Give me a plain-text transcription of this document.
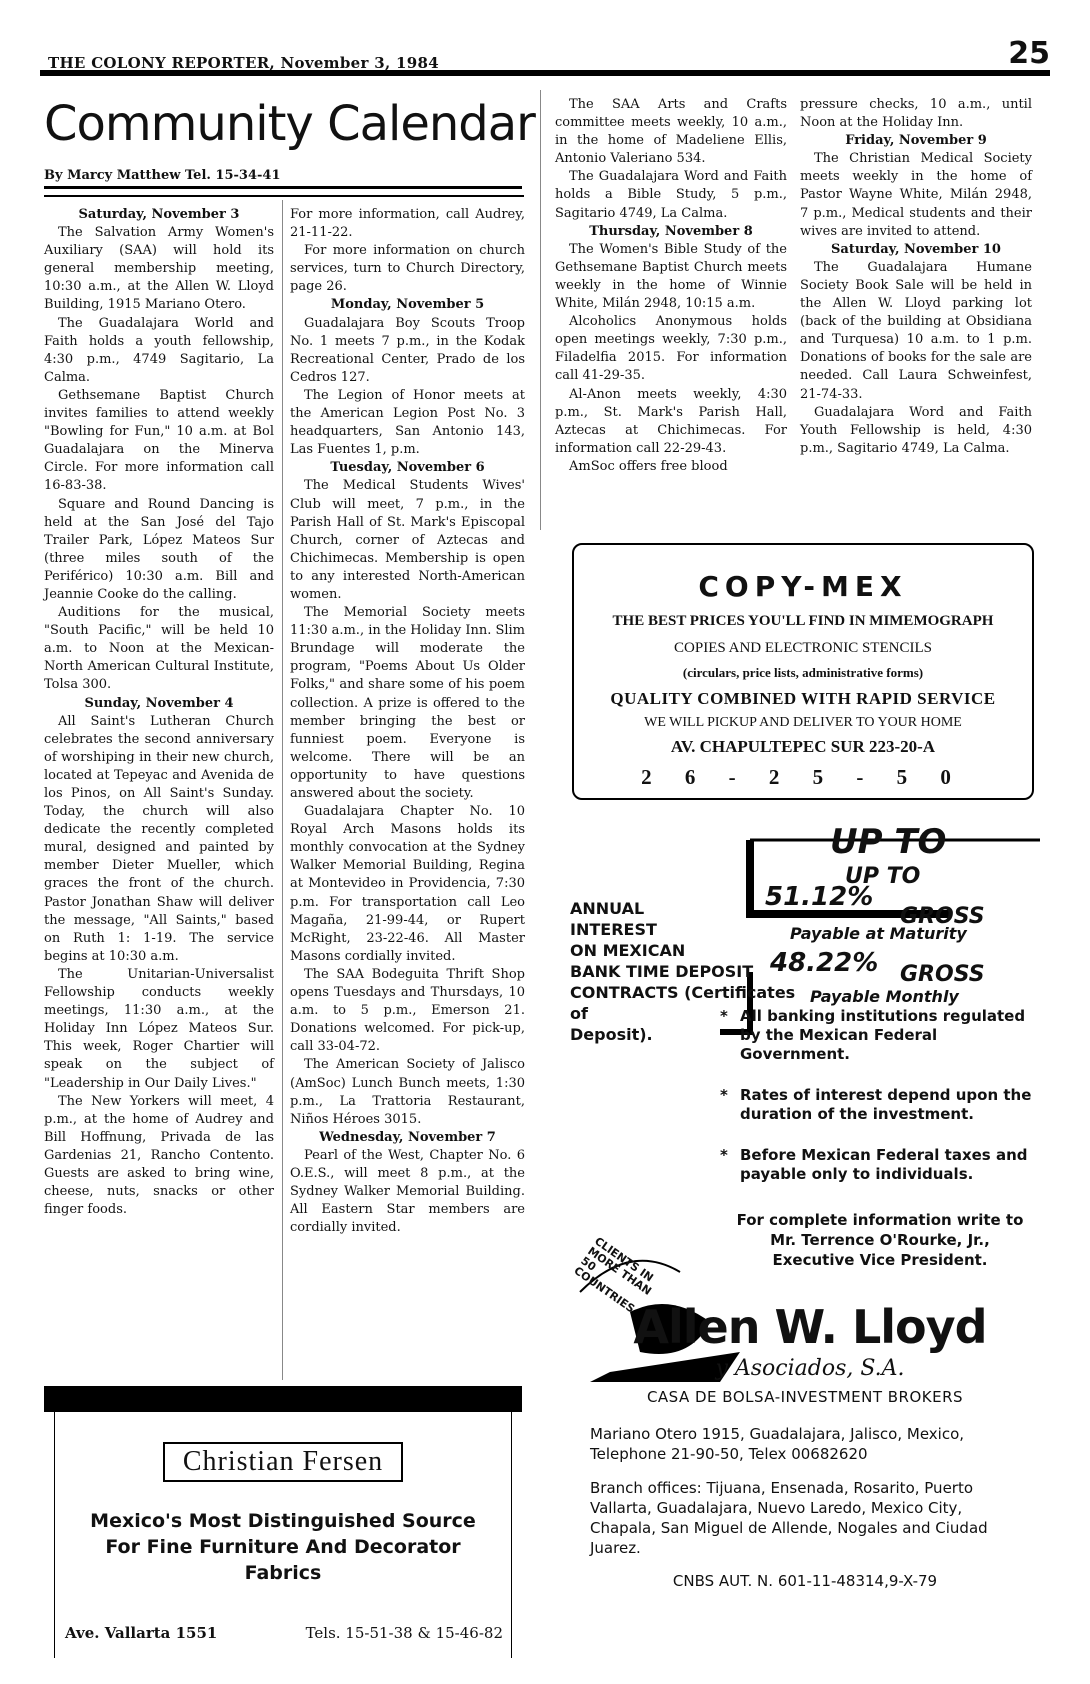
THE COLONY REPORTER, November 3, 1984	25
Community Calendar
By Marcy Matthew Tel. 15-34-41
Saturday, November 3

The Salvation Army Women's Auxiliary (SAA) will hold its general membership meeting, 10:30 a.m., at the Allen W. Lloyd Building, 1915 Mariano Otero.

The Guadalajara World and Faith holds a youth fellowship, 4:30 p.m., 4749 Sagitario, La Calma.

Gethsemane Baptist Church invites families to attend weekly "Bowling for Fun," 10 a.m. at Bol Guadalajara on the Minerva Circle. For more information call 16-83-38.

Square and Round Dancing is held at the San José del Tajo Trailer Park, López Mateos Sur (three miles south of the Periférico) 10:30 a.m. Bill and Jeannie Cooke do the calling.

Auditions for the musical, "South Pacific," will be held 10 a.m. to Noon at the Mexican-North American Cultural Institute, Tolsa 300.

Sunday, November 4

All Saint's Lutheran Church celebrates the second anniversary of worshiping in their new church, located at Tepeyac and Avenida de los Pinos, on All Saint's Sunday. Today, the church will also dedicate the recently completed mural, designed and painted by member Dieter Mueller, which graces the front of the church. Pastor Jonathan Shaw will deliver the message, "All Saints," based on Ruth 1: 1-19. The service begins at 10:30 a.m.

The Unitarian-Universalist Fellowship conducts weekly meetings, 11:30 a.m., at the Holiday Inn López Mateos Sur. This week, Roger Chartier will speak on the subject of "Leadership in Our Daily Lives."

The New Yorkers will meet, 4 p.m., at the home of Audrey and Bill Hoffnung, Privada de las Gardenias 21, Rancho Contento. Guests are asked to bring wine, cheese, nuts, snacks or other finger foods.

For more information, call Audrey, 21-11-22.

For more information on church services, turn to Church Directory, page 26.

Monday, November 5

Guadalajara Boy Scouts Troop No. 1 meets 7 p.m., in the Kodak Recreational Center, Prado de los Cedros 127.

The Legion of Honor meets at the American Legion Post No. 3 headquarters, San Antonio 143, Las Fuentes 1, p.m.

Tuesday, November 6

The Medical Students Wives' Club will meet, 7 p.m., in the Parish Hall of St. Mark's Episcopal Church, corner of Aztecas and Chichimecas. Membership is open to any interested North-American women.

The Memorial Society meets 11:30 a.m., in the Holiday Inn. Slim Brundage will moderate the program, "Poems About Us Older Folks," and share some of his poem collection. A prize is offered to the member bringing the best or funniest poem. Everyone is welcome. There will be an opportunity to have questions answered about the society.

Guadalajara Chapter No. 10 Royal Arch Masons holds its monthly convocation at the Sydney Walker Memorial Building, Regina at Montevideo in Providencia, 7:30 p.m. For transportation call Leo Magaña, 21-99-44, or Rupert McRight, 23-22-46. All Master Masons cordially invited.

The SAA Bodeguita Thrift Shop opens Tuesdays and Thursdays, 10 a.m. to 5 p.m., Emerson 21. Donations welcomed. For pick-up, call 33-04-72.

The American Society of Jalisco (AmSoc) Lunch Bunch meets, 1:30 p.m., La Trattoria Restaurant, Niños Héroes 3015.

Wednesday, November 7

Pearl of the West, Chapter No. 6 O.E.S., will meet 8 p.m., at the Sydney Walker Memorial Building. All Eastern Star members are cordially invited.

The SAA Arts and Crafts committee meets weekly, 10 a.m., in the home of Madeliene Ellis, Antonio Valeriano 534.

The Guadalajara Word and Faith holds a Bible Study, 5 p.m., Sagitario 4749, La Calma.

Thursday, November 8

The Women's Bible Study of the Gethsemane Baptist Church meets weekly in the home of Winnie White, Milán 2948, 10:15 a.m.

Alcoholics Anonymous holds open meetings weekly, 7:30 p.m., Filadelfia 2015. For information call 41-29-35.

Al-Anon meets weekly, 4:30 p.m., St. Mark's Parish Hall, Aztecas at Chichimecas. For information call 22-29-43.

AmSoc offers free blood

pressure checks, 10 a.m., until Noon at the Holiday Inn.

Friday, November 9

The Christian Medical Society meets weekly in the home of Pastor Wayne White, Milán 2948, 7 p.m., Medical students and their wives are invited to attend.

Saturday, November 10

The Guadalajara Humane Society Book Sale will be held in the Allen W. Lloyd parking lot (back of the building at Obsidiana and Turquesa) 10 a.m. to 1 p.m. Donations of books for the sale are needed. Call Laura Schweinfest, 21-74-33.

Guadalajara Word and Faith Youth Fellowship is held, 4:30 p.m., Sagitario 4749, La Calma.

COPY-MEX
THE BEST PRICES YOU'LL FIND IN MIMEMOGRAPH
COPIES AND ELECTRONIC STENCILS
(circulars, price lists, administrative forms)
QUALITY COMBINED WITH RAPID SERVICE
WE WILL PICKUP AND DELIVER TO YOUR HOME
AV. CHAPULTEPEC SUR 223-20-A
2 6 - 2 5 - 5 0
UP TO
UP TO
51.12%
GROSS
Payable at Maturity
48.22% GROSS
Payable Monthly
ANNUAL
INTEREST
ON MEXICAN
BANK TIME DEPOSIT
CONTRACTS (Certificates of
Deposit).
* All banking institutions regulated by the Mexican Federal Government.
* Rates of interest depend upon the duration of the investment.
* Before Mexican Federal taxes and payable only to individuals.
CLIENTS IN MORE THAN 50 COUNTRIES
For complete information write to
Mr. Terrence O'Rourke, Jr.,
Executive Vice President.
Allen W. Lloyd
y Asociados, S.A.
CASA DE BOLSA-INVESTMENT BROKERS
Mariano Otero 1915, Guadalajara, Jalisco, Mexico,
Telephone 21-90-50, Telex 00682620
Branch offices: Tijuana, Ensenada, Rosarito, Puerto Vallarta, Guadalajara, Nuevo Laredo, Mexico City, Chapala, San Miguel de Allende, Nogales and Ciudad Juarez.
CNBS AUT. N. 601-11-48314,9-X-79
Christian Fersen
Mexico's Most Distinguished Source
For Fine Furniture And Decorator
Fabrics
Ave. Vallarta 1551	Tels. 15-51-38 & 15-46-82
